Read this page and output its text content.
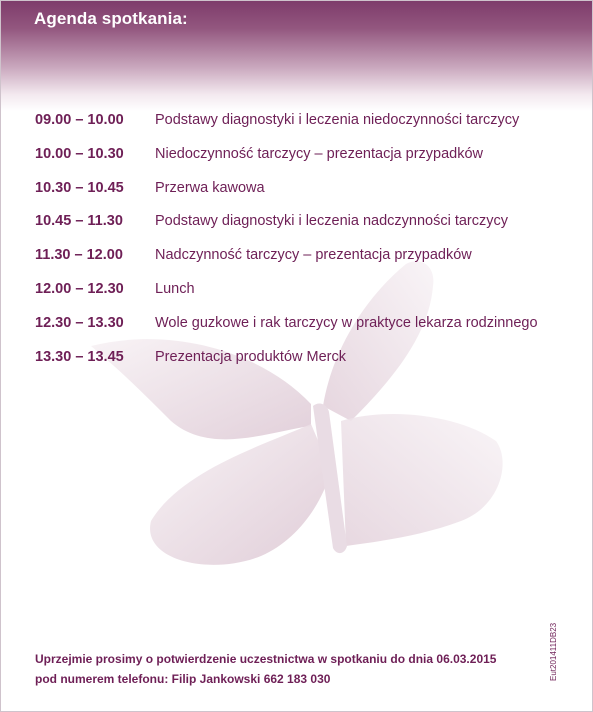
Agenda spotkania:
09.00 – 10.00	Podstawy diagnostyki i leczenia niedoczynności tarczycy
10.00 – 10.30	Niedoczynność tarczycy – prezentacja przypadków
10.30 – 10.45	Przerwa kawowa
10.45 – 11.30	Podstawy diagnostyki i leczenia nadczynności tarczycy
11.30 – 12.00	Nadczynność tarczycy – prezentacja przypadków
12.00 – 12.30	Lunch
12.30 – 13.30	Wole guzkowe i rak tarczycy w praktyce lekarza rodzinnego
13.30 – 13.45	Prezentacja produktów Merck

Uprzejmie prosimy o potwierdzenie uczestnictwa w spotkaniu do dnia 06.03.2015

pod numerem telefonu: Filip Jankowski 662 183 030	Eut201411DB23
